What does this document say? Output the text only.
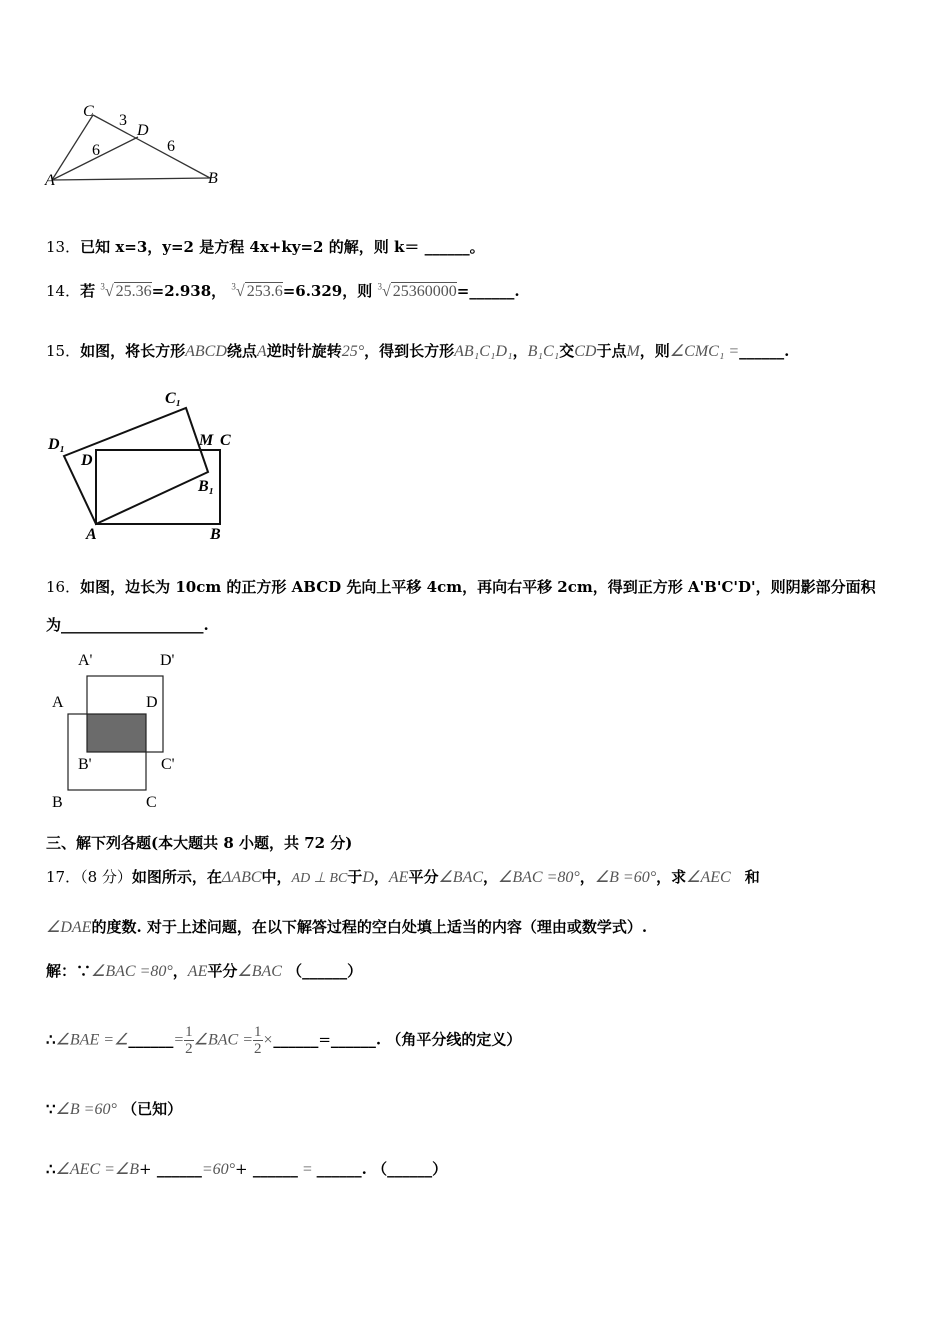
C
3
D
6	6
A	B
13．已知 x=3，y=2 是方程 4x+ky=2 的解，则 k＝ ______。
14．若 $^3$√ 25.36=2.938， $^3$√ 253.6=6.329，则 $^3$√ 25360000=______.
15．如图，将长方形ABCD绕点A逆时针旋转25°，得到长方形AB₁C₁D₁，B₁C₁交CD于点M，则∠CMC₁ =______.
C₁
D₁
D
M C
B₁
A	B
16．如图，边长为 10cm 的正方形 ABCD 先向上平移 4cm，再向右平移 2cm，得到正方形 A'B'C'D'，则阴影部分面积
为___________________.
A'	D'
A	D
B'	C'
B	C
三、解下列各题(本大题共 8 小题，共 72 分)
17．（8 分）如图所示，在ΔABC中，AD ⊥ BC于D，AE平分∠BAC，∠BAC =80°，∠B =60°，求∠AEC 和
∠DAE的度数. 对于上述问题，在以下解答过程的空白处填上适当的内容（理由或数学式）.
解：∵∠BAC =80°，AE平分∠BAC （______）
∴∠BAE =∠______= $\frac{1}{2}$ ∠BAC = $\frac{1}{2}$ ×______=______. （角平分线的定义）
∵∠B =60° （已知）
∴∠AEC =∠B+ ______=60°+ ______ = ______. （______）
